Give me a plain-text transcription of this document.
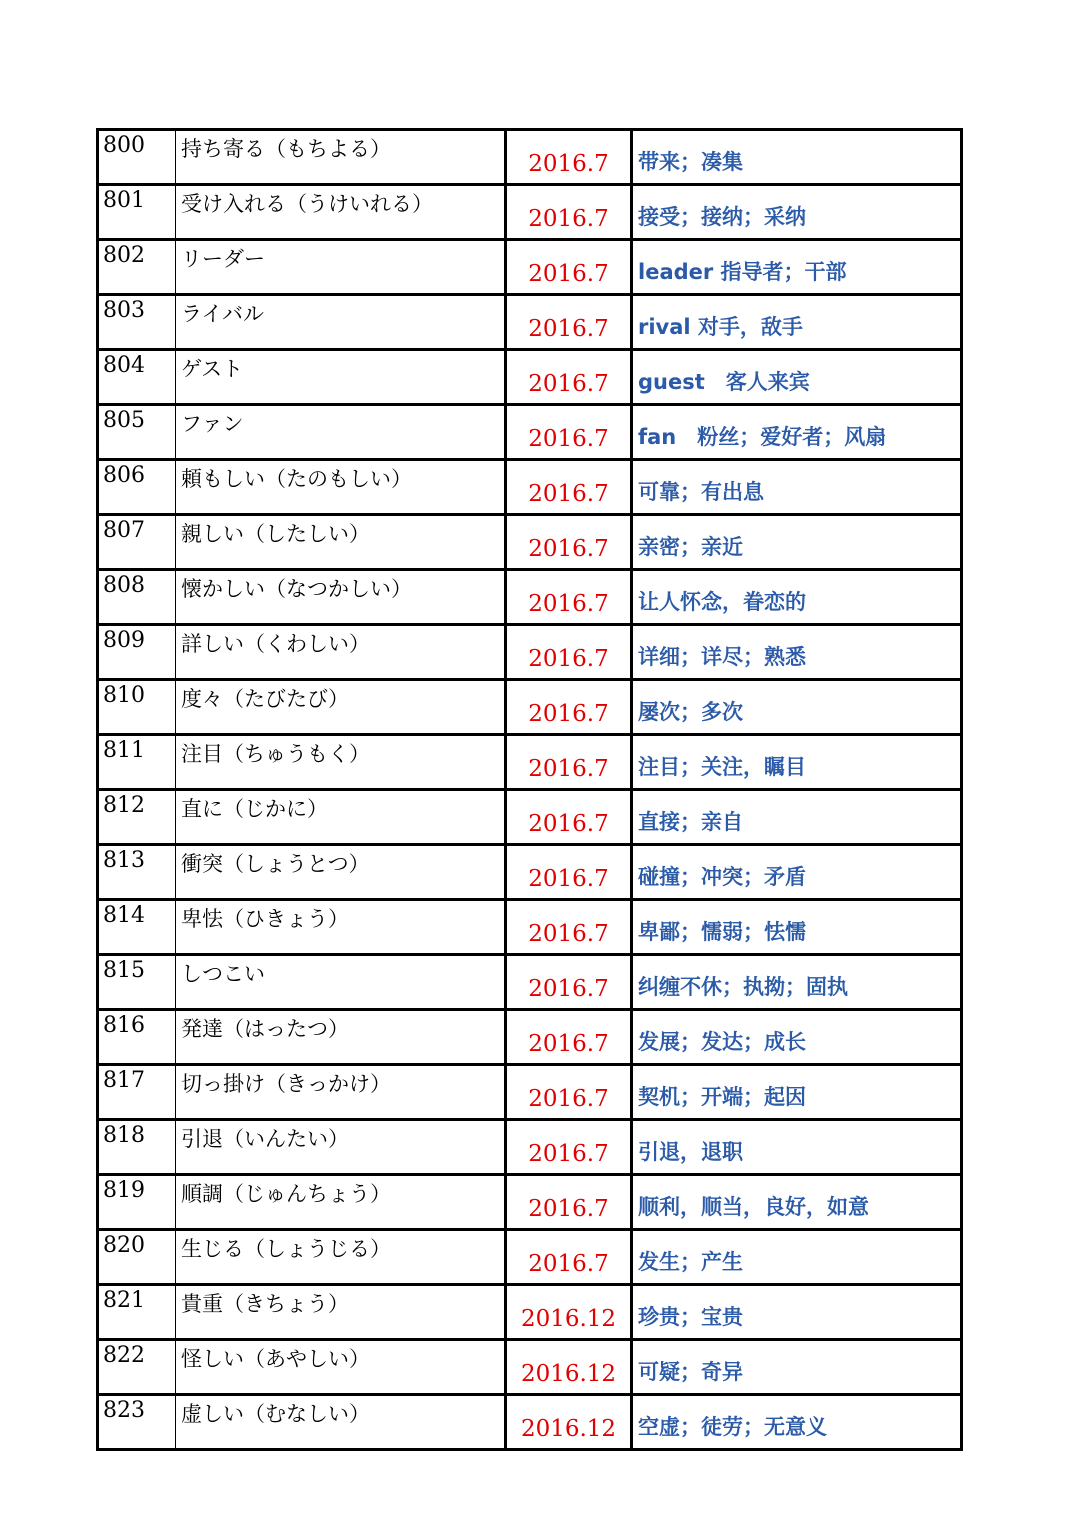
800	持ち寄る（もちよる）	2016.7	带来；凑集
801	受け入れる（うけいれる）	2016.7	接受；接纳；采纳
802	リーダー	2016.7	leader 指导者；干部
803	ライバル	2016.7	rival 对手，敌手
804	ゲスト	2016.7	guest　客人来宾
805	ファン	2016.7	fan　粉丝；爱好者；风扇
806	頼もしい（たのもしい）	2016.7	可靠；有出息
807	親しい（したしい）	2016.7	亲密；亲近
808	懐かしい（なつかしい）	2016.7	让人怀念，眷恋的
809	詳しい（くわしい）	2016.7	详细；详尽；熟悉
810	度々（たびたび）	2016.7	屡次；多次
811	注目（ちゅうもく）	2016.7	注目；关注，瞩目
812	直に（じかに）	2016.7	直接；亲自
813	衝突（しょうとつ）	2016.7	碰撞；冲突；矛盾
814	卑怯（ひきょう）	2016.7	卑鄙；懦弱；怯懦
815	しつこい	2016.7	纠缠不休；执拗；固执
816	発達（はったつ）	2016.7	发展；发达；成长
817	切っ掛け（きっかけ）	2016.7	契机；开端；起因
818	引退（いんたい）	2016.7	引退，退职
819	順調（じゅんちょう）	2016.7	顺利，顺当，良好，如意
820	生じる（しょうじる）	2016.7	发生；产生
821	貴重（きちょう）	2016.12	珍贵；宝贵
822	怪しい（あやしい）	2016.12	可疑；奇异
823	虚しい（むなしい）	2016.12	空虚；徒劳；无意义
